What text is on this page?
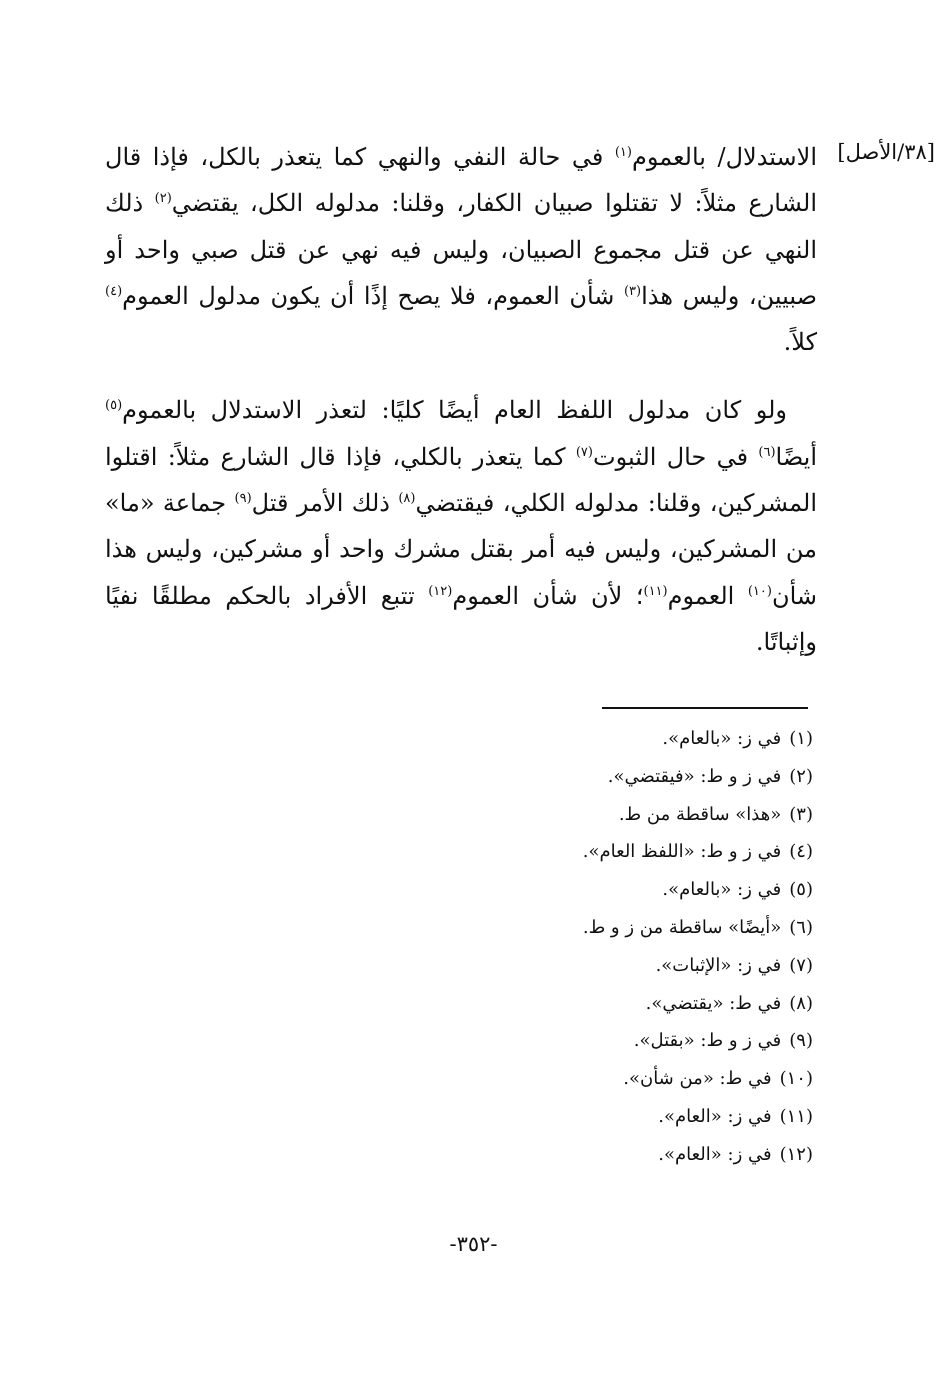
[٣٨/الأصل]

الاستدلال/ بالعموم$^{(١)}$ في حالة النفي والنهي كما يتعذر بالكل، فإذا قال الشارع مثلاً: لا تقتلوا صبيان الكفار، وقلنا: مدلوله الكل، يقتضي$^{(٢)}$ ذلك النهي عن قتل مجموع الصبيان، وليس فيه نهي عن قتل صبي واحد أو صبيين، وليس هذا$^{(٣)}$ شأن العموم، فلا يصح إذًا أن يكون مدلول العموم$^{(٤)}$ كلاً.

ولو كان مدلول اللفظ العام أيضًا كليًا: لتعذر الاستدلال بالعموم$^{(٥)}$ أيضًا$^{(٦)}$ في حال الثبوت$^{(٧)}$ كما يتعذر بالكلي، فإذا قال الشارع مثلاً: اقتلوا المشركين، وقلنا: مدلوله الكلي، فيقتضي$^{(٨)}$ ذلك الأمر قتل$^{(٩)}$ جماعة «ما» من المشركين، وليس فيه أمر بقتل مشرك واحد أو مشركين، وليس هذا شأن$^{(١٠)}$ العموم$^{(١١)}$؛ لأن شأن العموم$^{(١٢)}$ تتبع الأفراد بالحكم مطلقًا نفيًا وإثباتًا.

(١)في ز: «بالعام».
(٢)في ز و ط: «فيقتضي».
(٣)«هذا» ساقطة من ط.
(٤)في ز و ط: «اللفظ العام».
(٥)في ز: «بالعام».
(٦)«أيضًا» ساقطة من ز و ط.
(٧)في ز: «الإثبات».
(٨)في ط: «يقتضي».
(٩)في ز و ط: «بقتل».
(١٠)في ط: «من شأن».
(١١)في ز: «العام».
(١٢)في ز: «العام».
-٣٥٢-
